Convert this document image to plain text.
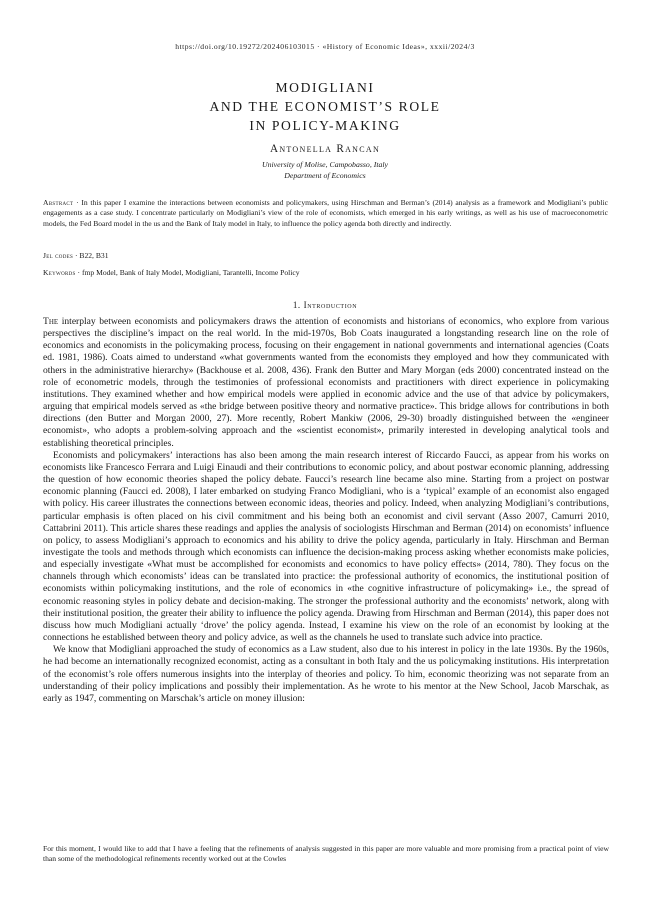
https://doi.org/10.19272/202406103015 · «History of Economic Ideas», xxxii/2024/3
MODIGLIANI
AND THE ECONOMIST’S ROLE
IN POLICY-MAKING
Antonella Rancan
University of Molise, Campobasso, Italy
Department of Economics
Abstract · In this paper I examine the interactions between economists and policymakers, using Hirschman and Berman’s (2014) analysis as a framework and Modigliani’s public engagements as a case study. I concentrate particularly on Modigliani’s view of the role of economists, which emerged in his early writings, as well as his use of macroeconometric models, the Fed Board model in the us and the Bank of Italy model in Italy, to influence the policy agenda both directly and indirectly.
Jel codes · B22, B31
Keywords · fmp Model, Bank of Italy Model, Modigliani, Tarantelli, Income Policy
1. Introduction

The interplay between economists and policymakers draws the attention of economists and historians of economics, who explore from various perspectives the discipline’s impact on the real world. In the mid-1970s, Bob Coats inaugurated a longstanding research line on the role of economics and economists in the policymaking process, focusing on their engagement in national governments and international agencies (Coats ed. 1981, 1986). Coats aimed to understand «what governments wanted from the economists they employed and how they communicated with others in the administrative hierarchy» (Backhouse et al. 2008, 436). Frank den Butter and Mary Morgan (eds 2000) concentrated instead on the role of econometric models, through the testimonies of professional economists and practitioners with direct experience in policymaking institutions. They examined whether and how empirical models were applied in economic advice and the use of that advice by policymakers, arguing that empirical models served as «the bridge between positive theory and normative practice». This bridge allows for contributions in both directions (den Butter and Morgan 2000, 27). More recently, Robert Mankiw (2006, 29-30) broadly distinguished between the «engineer economist», who adopts a problem-solving approach and the «scientist economist», primarily interested in developing analytical tools and establishing theoretical principles.

Economists and policymakers’ interactions has also been among the main research interest of Riccardo Faucci, as appear from his works on economists like Francesco Ferrara and Luigi Einaudi and their contributions to economic policy, and about postwar economic planning, addressing the question of how economic theories shaped the policy debate. Faucci’s research line became also mine. Starting from a project on postwar economic planning (Faucci ed. 2008), I later embarked on studying Franco Modigliani, who is a ‘typical’ example of an economist also engaged with policy. His career illustrates the connections between economic ideas, theories and policy. Indeed, when analyzing Modigliani’s contributions, particular emphasis is often placed on his civil commitment and his being both an economist and civil servant (Asso 2007, Camurri 2010, Cattabrini 2011). This article shares these readings and applies the analysis of sociologists Hirschman and Berman (2014) on economists’ influence on policy, to assess Modigliani’s approach to economics and his ability to drive the policy agenda, particularly in Italy. Hirschman and Berman investigate the tools and methods through which economists can influence the decision-making process asking whether economists make policies, and especially investigate «What must be accomplished for economists and economics to have policy effects» (2014, 780). They focus on the channels through which economists’ ideas can be translated into practice: the professional authority of economics, the institutional position of economists within policymaking institutions, and the role of economics in «the cognitive infrastructure of policymaking» i.e., the spread of economic reasoning styles in policy debate and decision-making. The stronger the professional authority and the economists’ network, along with their institutional position, the greater their ability to influence the policy agenda. Drawing from Hirschman and Berman (2014), this paper does not discuss how much Modigliani actually ‘drove’ the policy agenda. Instead, I examine his view on the role of an economist by looking at the connections he established between theory and policy advice, as well as the channels he used to translate such advice into practice.

We know that Modigliani approached the study of economics as a Law student, also due to his interest in policy in the late 1930s. By the 1960s, he had become an internationally recognized economist, acting as a consultant in both Italy and the us policymaking institutions. His interpretation of the economist’s role offers numerous insights into the interplay of theories and policy. To him, economic theorizing was not separate from an understanding of their policy implications and possibly their implementation. As he wrote to his mentor at the New School, Jacob Marschak, as early as 1947, commenting on Marschak’s article on money illusion:

For this moment, I would like to add that I have a feeling that the refinements of analysis suggested in this paper are more valuable and more promising from a practical point of view than some of the methodological refinements recently worked out at the Cowles
